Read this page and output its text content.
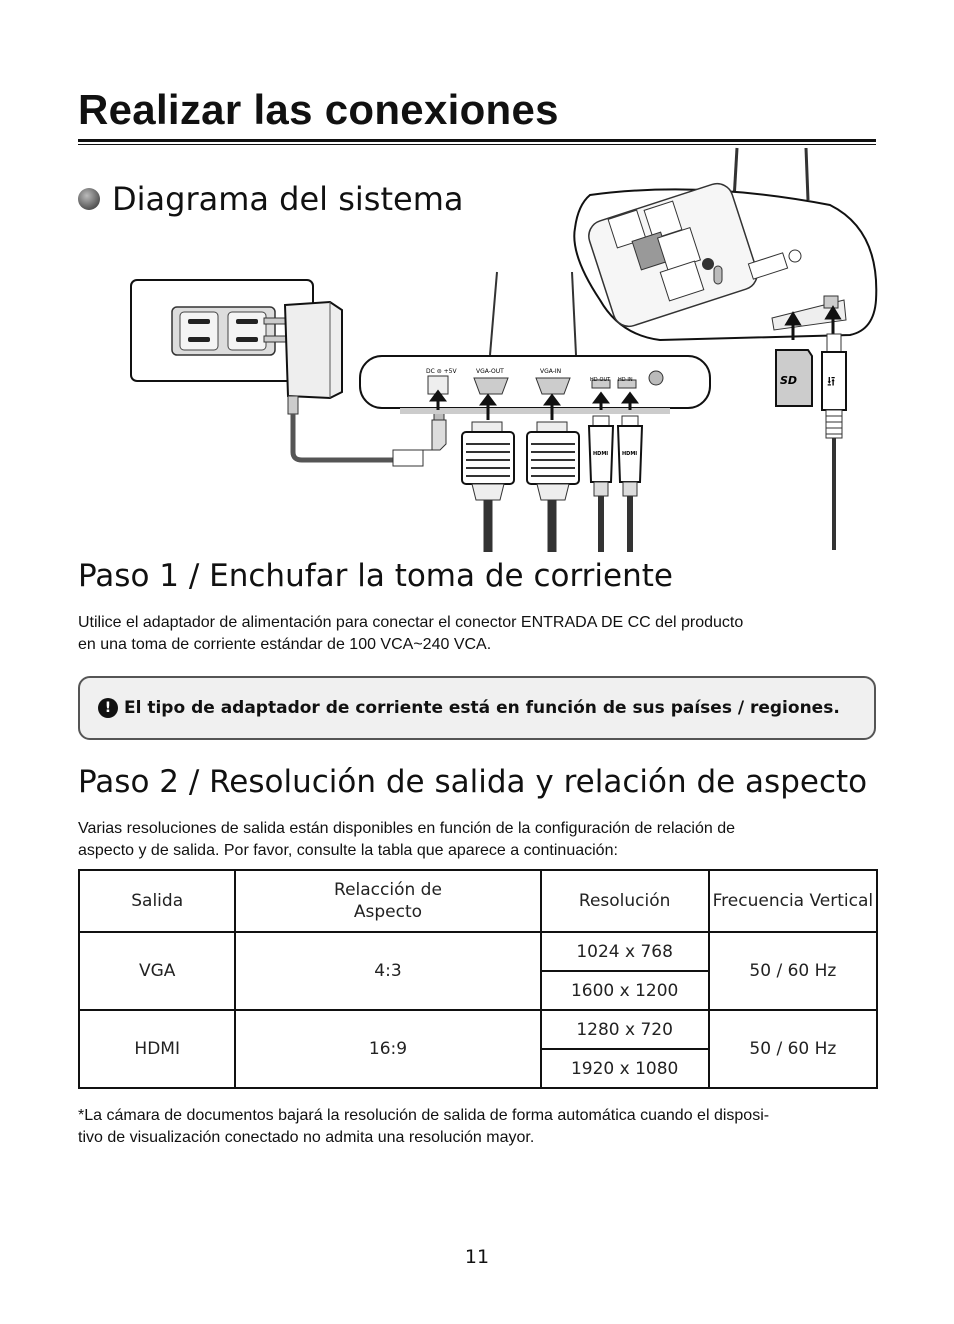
Realizar las conexiones
DC ⊜ +5V	VGA-OUT	VGA-IN
HD-OUT HD-IN
HDMI	HDMI
SD ⭿
Diagrama del sistema
Paso 1 / Enchufar la toma de corriente
Utilice el adaptador de alimentación para conectar el conector ENTRADA DE CC del producto
en una toma de corriente estándar de 100 VCA~240 VCA.
! El tipo de adaptador de corriente está en función de sus países / regiones.
Paso 2 / Resolución de salida y relación de aspecto
Varias resoluciones de salida están disponibles en función de la configuración de relación de
aspecto y de salida. Por favor, consulte la tabla que aparece a continuación:
Salida	Relacción de Aspecto	Resolución	Frecuencia Vertical
VGA	4:3	1024 x 768	50 / 60 Hz
		1600 x 1200	
HDMI	16:9	1280 x 720	50 / 60 Hz
		1920 x 1080	
*La cámara de documentos bajará la resolución de salida de forma automática cuando el disposi-
tivo de visualización conectado no admita una resolución mayor.
11
